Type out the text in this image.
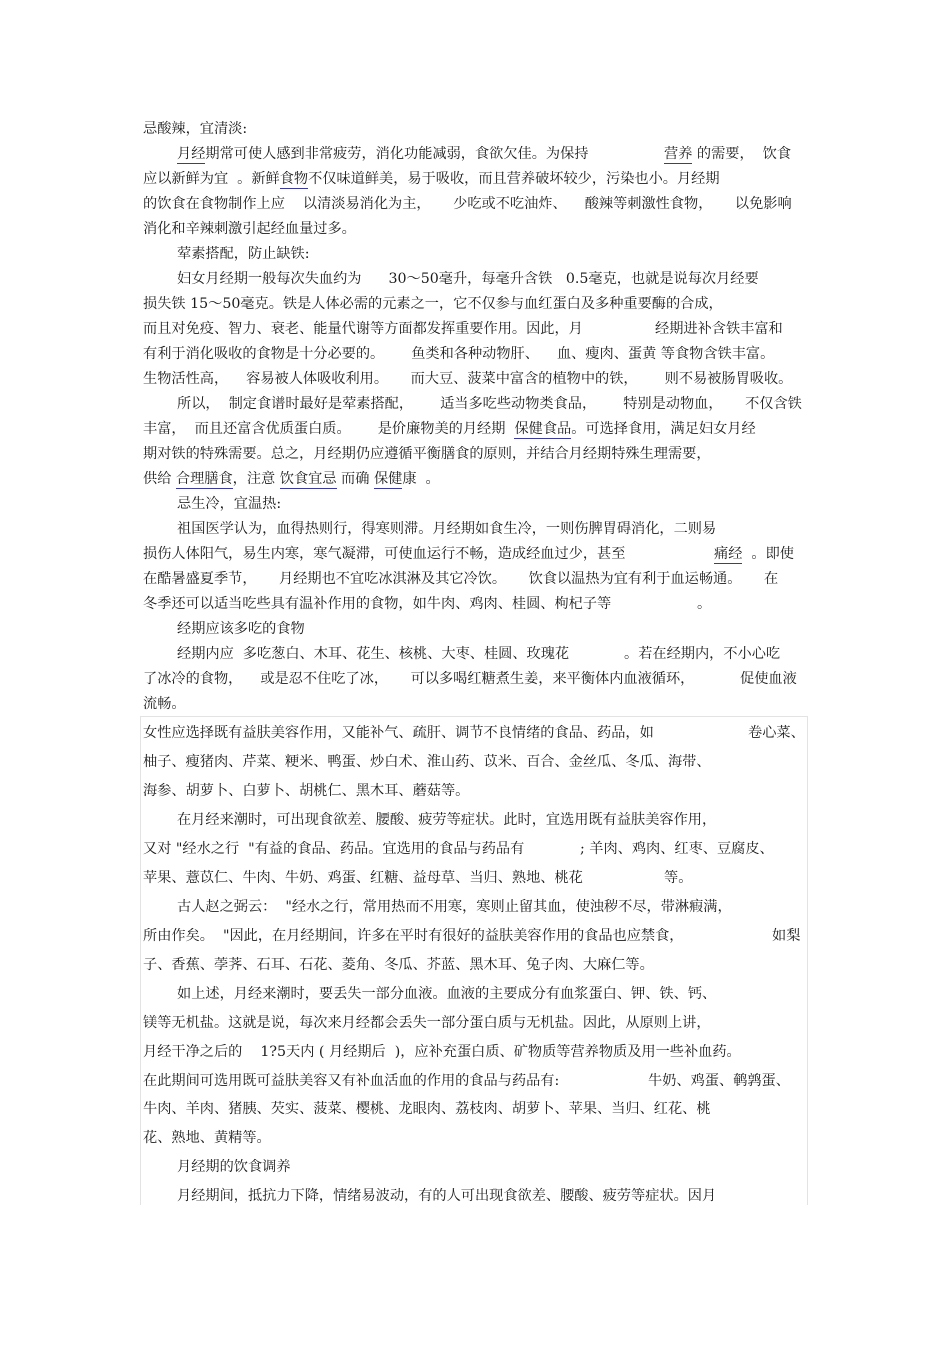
忌酸辣，宜清淡:
月经期常可使人感到非常疲劳，消化功能减弱，食欲欠佳。为保持	营养 的需要，  饮食
应以新鲜为宜  。新鲜食物不仅味道鲜美，易于吸收，而且营养破坏较少，污染也小。月经期
的饮食在食物制作上应    以清淡易消化为主，     少吃或不吃油炸、    酸辣等刺激性食物，     以免影响
消化和辛辣刺激引起经血量过多。
荤素搭配，防止缺铁:
妇女月经期一般每次失血约为      30～50毫升，每毫升含铁   0.5毫克，也就是说每次月经要
损失铁 15～50毫克。铁是人体必需的元素之一，它不仅参与血红蛋白及多种重要酶的合成，
而且对免疫、智力、衰老、能量代谢等方面都发挥重要作用。因此，月	经期进补含铁丰富和
有利于消化吸收的食物是十分必要的。      鱼类和各种动物肝、    血、瘦肉、蛋黄 等食物含铁丰富。
生物活性高，    容易被人体吸收利用。     而大豆、菠菜中富含的植物中的铁，      则不易被肠胃吸收。
所以，  制定食谱时最好是荤素搭配，      适当多吃些动物类食品，      特别是动物血，     不仅含铁
丰富，  而且还富含优质蛋白质。      是价廉物美的月经期 保健食品。可选择食用，满足妇女月经
期对铁的特殊需要。总之，月经期仍应遵循平衡膳食的原则，并结合月经期特殊生理需要，
供给 合理膳食，注意 饮食宜忌 而确 保健康  。
忌生冷，宜温热:
祖国医学认为，血得热则行，得寒则滞。月经期如食生冷，一则伤脾胃碍消化，二则易
损伤人体阳气，易生内寒，寒气凝滞，可使血运行不畅，造成经血过少，甚至	痛经 。即使
在酷暑盛夏季节，     月经期也不宜吃冰淇淋及其它冷饮。     饮食以温热为宜有利于血运畅通。     在
冬季还可以适当吃些具有温补作用的食物，如牛肉、鸡肉、桂圆、枸杞子等	。
经期应该多吃的食物
经期内应  多吃葱白、木耳、花生、核桃、大枣、桂圆、玫瑰花	。若在经期内，不小心吃
了冰冷的食物，    或是忍不住吃了冰，     可以多喝红糖煮生姜，来平衡体内血液循环，	促使血液
流畅。
女性应选择既有益肤美容作用，又能补气、疏肝、调节不良情绪的食品、药品，如	卷心菜、
柚子、瘦猪肉、芹菜、粳米、鸭蛋、炒白术、淮山药、苡米、百合、金丝瓜、冬瓜、海带、
海参、胡萝卜、白萝卜、胡桃仁、黑木耳、蘑菇等。
在月经来潮时，可出现食欲差、腰酸、疲劳等症状。此时，宜选用既有益肤美容作用，
又对 "经水之行  "有益的食品、药品。宜选用的食品与药品有	; 羊肉、鸡肉、红枣、豆腐皮、
苹果、薏苡仁、牛肉、牛奶、鸡蛋、红糖、益母草、当归、熟地、桃花	等。
古人赵之弼云：  "经水之行，常用热而不用寒，寒则止留其血，使浊秽不尽，带淋瘕满，
所由作矣。  "因此，在月经期间，许多在平时有很好的益肤美容作用的食品也应禁食，	如梨
子、香蕉、荸荠、石耳、石花、菱角、冬瓜、芥蓝、黑木耳、兔子肉、大麻仁等。
如上述，月经来潮时，要丢失一部分血液。血液的主要成分有血浆蛋白、钾、铁、钙、
镁等无机盐。这就是说，每次来月经都会丢失一部分蛋白质与无机盐。因此，从原则上讲，
月经干净之后的    1?5天内 ( 月经期后  )，应补充蛋白质、矿物质等营养物质及用一些补血药。
在此期间可选用既可益肤美容又有补血活血的作用的食品与药品有:	牛奶、鸡蛋、鹌鹑蛋、
牛肉、羊肉、猪胰、芡实、菠菜、樱桃、龙眼肉、荔枝肉、胡萝卜、苹果、当归、红花、桃
花、熟地、黄精等。
月经期的饮食调养
月经期间，抵抗力下降，情绪易波动，有的人可出现食欲差、腰酸、疲劳等症状。因月
